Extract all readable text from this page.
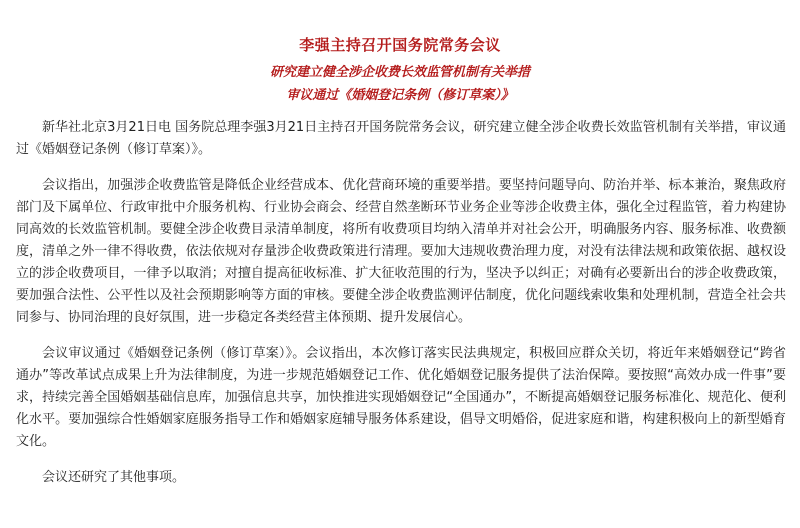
李强主持召开国务院常务会议
研究建立健全涉企收费长效监管机制有关举措
审议通过《婚姻登记条例（修订草案）》

新华社北京3月21日电 国务院总理李强3月21日主持召开国务院常务会议，研究建立健全涉企收费长效监管机制有关举措，审议通过《婚姻登记条例（修订草案）》。

会议指出，加强涉企收费监管是降低企业经营成本、优化营商环境的重要举措。要坚持问题导向、防治并举、标本兼治，聚焦政府部门及下属单位、行政审批中介服务机构、行业协会商会、经营自然垄断环节业务企业等涉企收费主体，强化全过程监管，着力构建协同高效的长效监管机制。要健全涉企收费目录清单制度，将所有收费项目均纳入清单并对社会公开，明确服务内容、服务标准、收费额度，清单之外一律不得收费，依法依规对存量涉企收费政策进行清理。要加大违规收费治理力度，对没有法律法规和政策依据、越权设立的涉企收费项目，一律予以取消；对擅自提高征收标准、扩大征收范围的行为，坚决予以纠正；对确有必要新出台的涉企收费政策，要加强合法性、公平性以及社会预期影响等方面的审核。要健全涉企收费监测评估制度，优化问题线索收集和处理机制，营造全社会共同参与、协同治理的良好氛围，进一步稳定各类经营主体预期、提升发展信心。

会议审议通过《婚姻登记条例（修订草案）》。会议指出，本次修订落实民法典规定，积极回应群众关切，将近年来婚姻登记“跨省通办”等改革试点成果上升为法律制度，为进一步规范婚姻登记工作、优化婚姻登记服务提供了法治保障。要按照“高效办成一件事”要求，持续完善全国婚姻基础信息库，加强信息共享，加快推进实现婚姻登记“全国通办”，不断提高婚姻登记服务标准化、规范化、便利化水平。要加强综合性婚姻家庭服务指导工作和婚姻家庭辅导服务体系建设，倡导文明婚俗，促进家庭和谐，构建积极向上的新型婚育文化。

会议还研究了其他事项。
